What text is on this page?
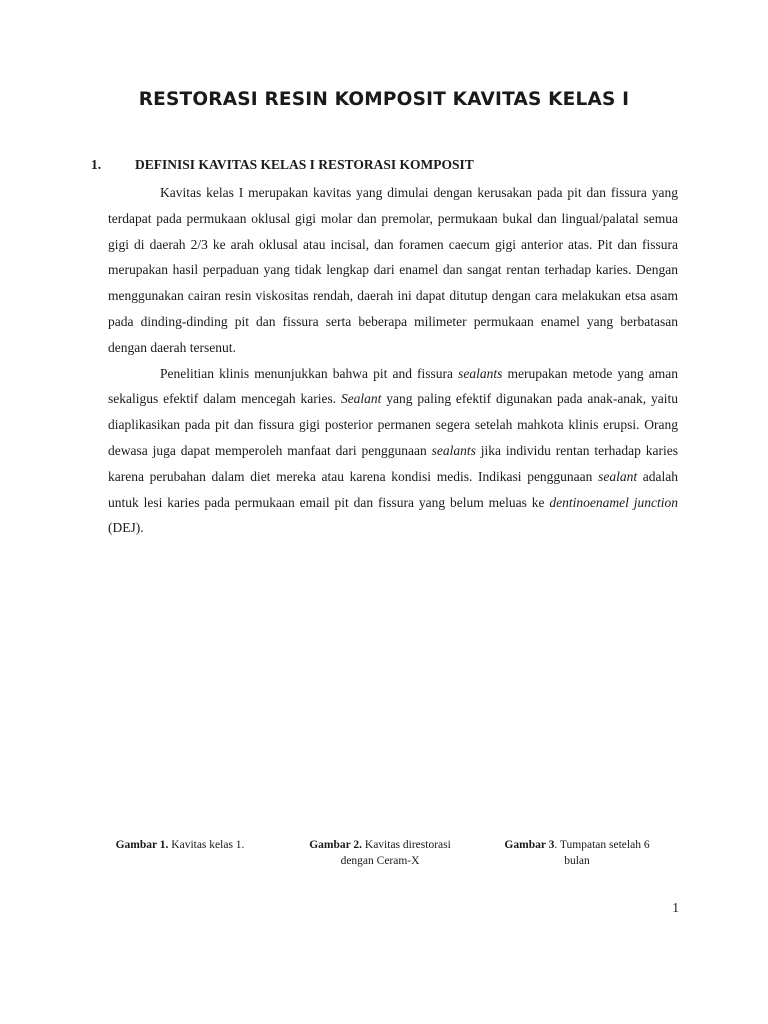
RESTORASI RESIN KOMPOSIT KAVITAS KELAS I
1.	DEFINISI KAVITAS KELAS I RESTORASI KOMPOSIT

Kavitas kelas I merupakan kavitas yang dimulai dengan kerusakan pada pit dan fissura yang terdapat pada permukaan oklusal gigi molar dan premolar, permukaan bukal dan lingual/palatal semua gigi di daerah 2/3 ke arah oklusal atau incisal, dan foramen caecum gigi anterior atas. Pit dan fissura merupakan hasil perpaduan yang tidak lengkap dari enamel dan sangat rentan terhadap karies. Dengan menggunakan cairan resin viskositas rendah, daerah ini dapat ditutup dengan cara melakukan etsa asam pada dinding-dinding pit dan fissura serta beberapa milimeter permukaan enamel yang berbatasan dengan daerah tersenut.

Penelitian klinis menunjukkan bahwa pit and fissura sealants merupakan metode yang aman sekaligus efektif dalam mencegah karies. Sealant yang paling efektif digunakan pada anak-anak, yaitu diaplikasikan pada pit dan fissura gigi posterior permanen segera setelah mahkota klinis erupsi. Orang dewasa juga dapat memperoleh manfaat dari penggunaan sealants jika individu rentan terhadap karies karena perubahan dalam diet mereka atau karena kondisi medis. Indikasi penggunaan sealant adalah untuk lesi karies pada permukaan email pit dan fissura yang belum meluas ke dentinoenamel junction (DEJ).

Gambar 1. Kavitas kelas 1.	Gambar 2. Kavitas direstorasi dengan Ceram-X
Gambar 3. Tumpatan setelah 6 bulan
1
